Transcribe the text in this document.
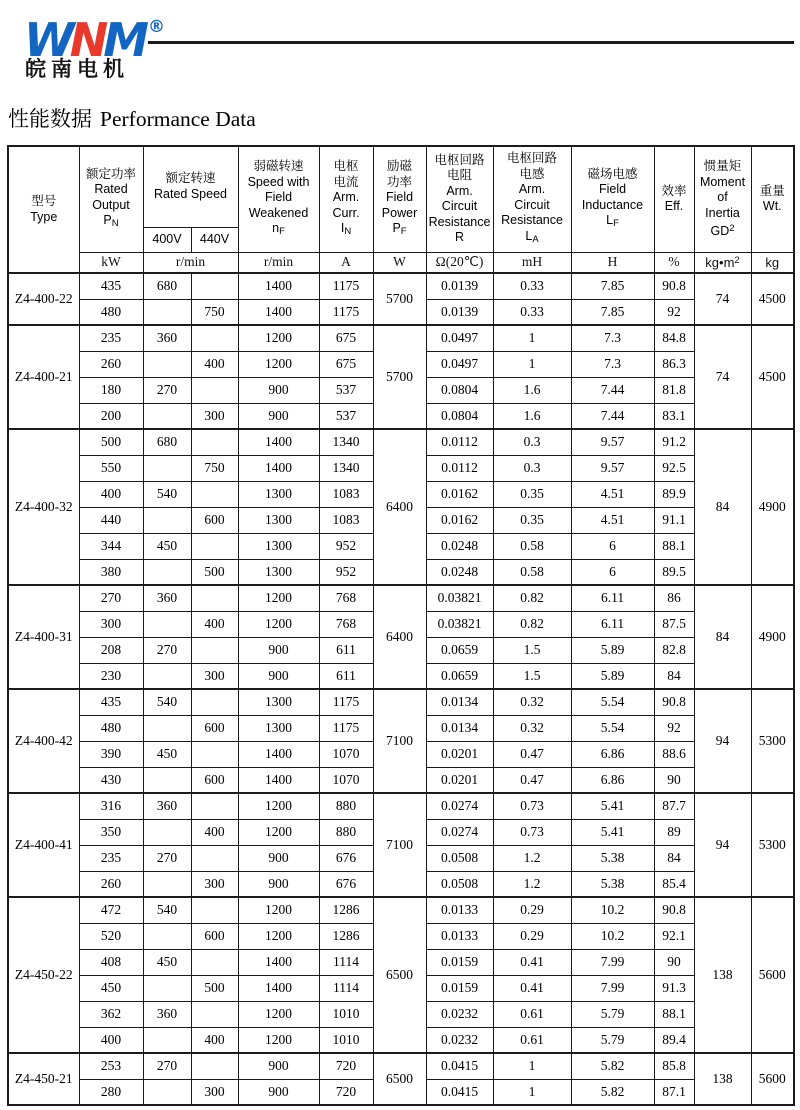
WNM ®
皖南电机
性能数据 Performance Data
型号
Type

额定功率
Rated
Output
$P_N$

额定转速
Rated Speed

弱磁转速
Speed with
Field
Weakened
$n_F$

电枢
电流
Arm.
Curr.
$I_N$

励磁
功率
Field
Power
$P_F$

电枢回路
电阻
Arm.
Circuit
Resistance
R

电枢回路
电感
Arm.
Circuit
Resistance
$L_A$

磁场电感
Field
Inductance
$L_F$

效率
Eff.

惯量矩
Moment
of
Inertia
$GD^2$

重量
Wt.

		400V	440V									
	kW	r/min		r/min	A	W	Ω(20℃)	mH	H	%	$kg•m^2$	kg
Z4-400-22	435	680		1400	1175	5700	0.0139	0.33	7.85	90.8	74	4500
	480		750	1400	1175		0.0139	0.33	7.85	92		
Z4-400-21	235	360		1200	675	5700	0.0497	1	7.3	84.8	74	4500
	260		400	1200	675		0.0497	1	7.3	86.3		
	180	270		900	537		0.0804	1.6	7.44	81.8		
	200		300	900	537		0.0804	1.6	7.44	83.1		
Z4-400-32	500	680		1400	1340	6400	0.0112	0.3	9.57	91.2	84	4900
	550		750	1400	1340		0.0112	0.3	9.57	92.5		
	400	540		1300	1083		0.0162	0.35	4.51	89.9		
	440		600	1300	1083		0.0162	0.35	4.51	91.1		
	344	450		1300	952		0.0248	0.58	6	88.1		
	380		500	1300	952		0.0248	0.58	6	89.5		
Z4-400-31	270	360		1200	768	6400	0.03821	0.82	6.11	86	84	4900
	300		400	1200	768		0.03821	0.82	6.11	87.5		
	208	270		900	611		0.0659	1.5	5.89	82.8		
	230		300	900	611		0.0659	1.5	5.89	84		
Z4-400-42	435	540		1300	1175	7100	0.0134	0.32	5.54	90.8	94	5300
	480		600	1300	1175		0.0134	0.32	5.54	92		
	390	450		1400	1070		0.0201	0.47	6.86	88.6		
	430		600	1400	1070		0.0201	0.47	6.86	90		
Z4-400-41	316	360		1200	880	7100	0.0274	0.73	5.41	87.7	94	5300
	350		400	1200	880		0.0274	0.73	5.41	89		
	235	270		900	676		0.0508	1.2	5.38	84		
	260		300	900	676		0.0508	1.2	5.38	85.4		
Z4-450-22	472	540		1200	1286	6500	0.0133	0.29	10.2	90.8	138	5600
	520		600	1200	1286		0.0133	0.29	10.2	92.1		
	408	450		1400	1114		0.0159	0.41	7.99	90		
	450		500	1400	1114		0.0159	0.41	7.99	91.3		
	362	360		1200	1010		0.0232	0.61	5.79	88.1		
	400		400	1200	1010		0.0232	0.61	5.79	89.4		
Z4-450-21	253	270		900	720	6500	0.0415	1	5.82	85.8	138	5600
	280		300	900	720		0.0415	1	5.82	87.1		
